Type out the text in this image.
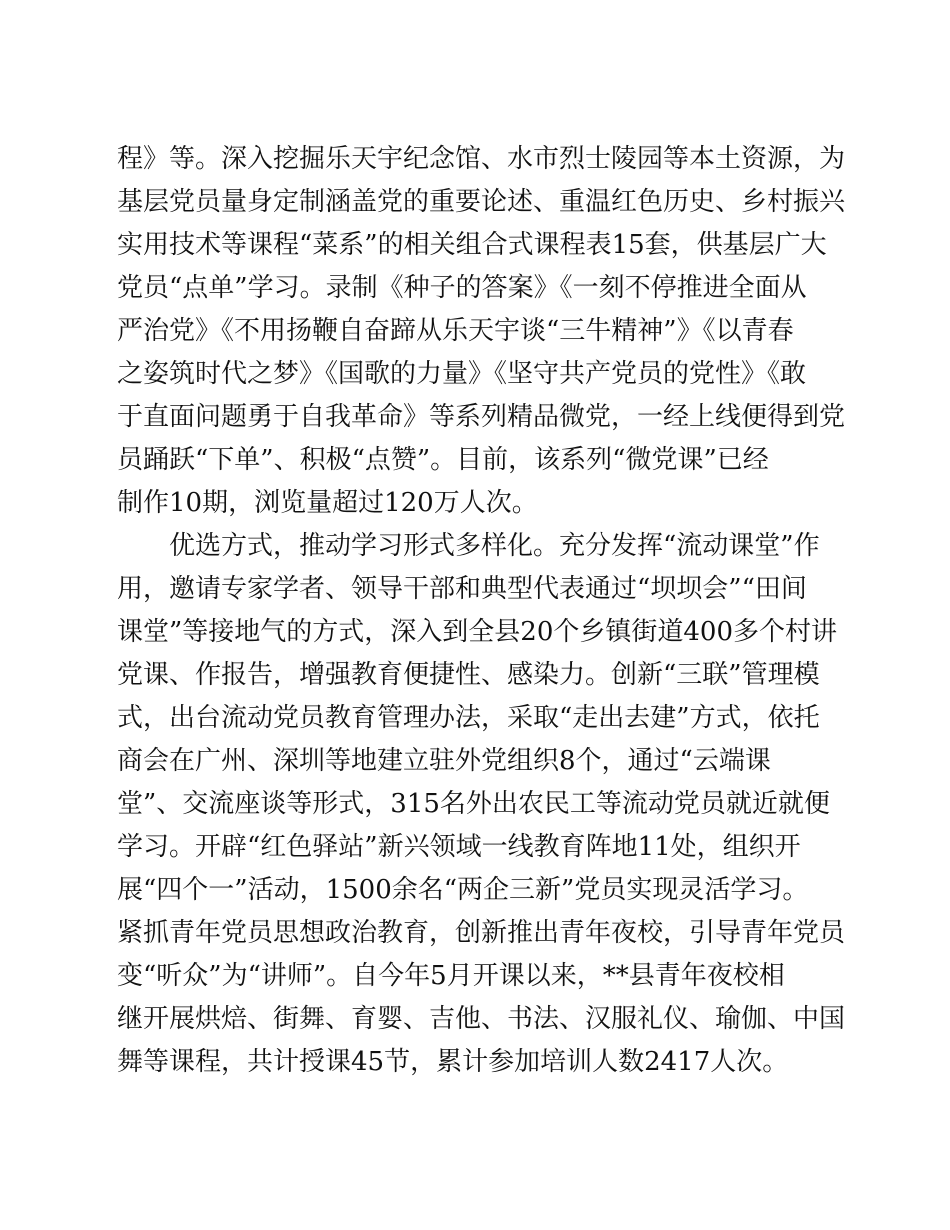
程》等。深入挖掘乐天宇纪念馆、水市烈士陵园等本土资源，为
基层党员量身定制涵盖党的重要论述、重温红色历史、乡村振兴
实用技术等课程“菜系”的相关组合式课程表15套，供基层广大
党员“点单”学习。录制《种子的答案》《一刻不停推进全面从
严治党》《不用扬鞭自奋蹄从乐天宇谈“三牛精神”》《以青春
之姿筑时代之梦》《国歌的力量》《坚守共产党员的党性》《敢
于直面问题勇于自我革命》等系列精品微党，一经上线便得到党
员踊跃“下单”、积极“点赞”。目前，该系列“微党课”已经
制作10期，浏览量超过120万人次。
优选方式，推动学习形式多样化。充分发挥“流动课堂”作
用，邀请专家学者、领导干部和典型代表通过“坝坝会”“田间
课堂”等接地气的方式，深入到全县20个乡镇街道400多个村讲
党课、作报告，增强教育便捷性、感染力。创新“三联”管理模
式，出台流动党员教育管理办法，采取“走出去建”方式，依托
商会在广州、深圳等地建立驻外党组织8个，通过“云端课
堂”、交流座谈等形式，315名外出农民工等流动党员就近就便
学习。开辟“红色驿站”新兴领域一线教育阵地11处，组织开
展“四个一”活动，1500余名“两企三新”党员实现灵活学习。
紧抓青年党员思想政治教育，创新推出青年夜校，引导青年党员
变“听众”为“讲师”。自今年5月开课以来，**县青年夜校相
继开展烘焙、街舞、育婴、吉他、书法、汉服礼仪、瑜伽、中国
舞等课程，共计授课45节，累计参加培训人数2417人次。
